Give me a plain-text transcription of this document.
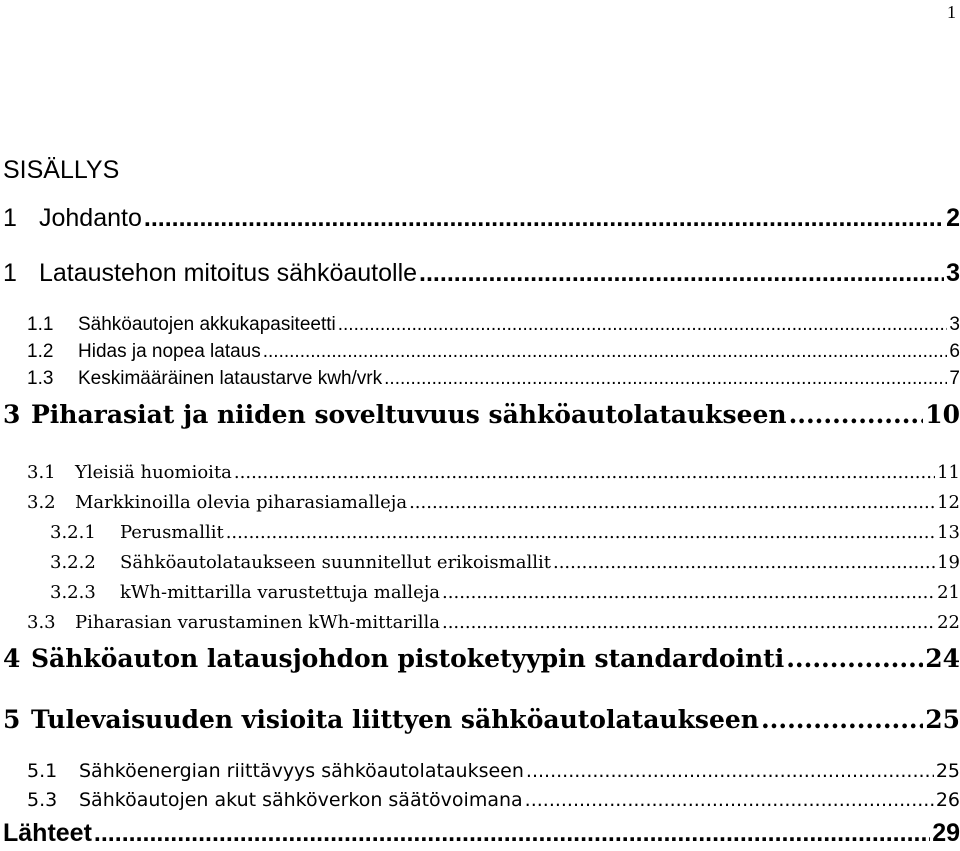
1
SISÄLLYS
1 Johdanto .....	2
1 Lataustehon mitoitus sähköautolle .....	3
1.1	Sähköautojen akkukapasiteetti .....	3
1.2	Hidas ja nopea lataus .....	6
1.3	Keskimääräinen lataustarve kwh/vrk .....	7
3 Piharasiat ja niiden soveltuvuus sähköautolataukseen .....	10
3.1	Yleisiä huomioita .....	11
3.2	Markkinoilla olevia piharasiamalleja .....	12
3.2.1	Perusmallit .....	13
3.2.2	Sähköautolataukseen suunnitellut erikoismallit .....	19
3.2.3	kWh-mittarilla varustettuja malleja .....	21
3.3	Piharasian varustaminen kWh-mittarilla .....	22
4 Sähköauton latausjohdon pistoketyypin standardointi .....	24
5 Tulevaisuuden visioita liittyen sähköautolataukseen .....	25
5.1	Sähköenergian riittävyys sähköautolataukseen .....	25
5.3	Sähköautojen akut sähköverkon säätövoimana .....	26
Lähteet .....	29
